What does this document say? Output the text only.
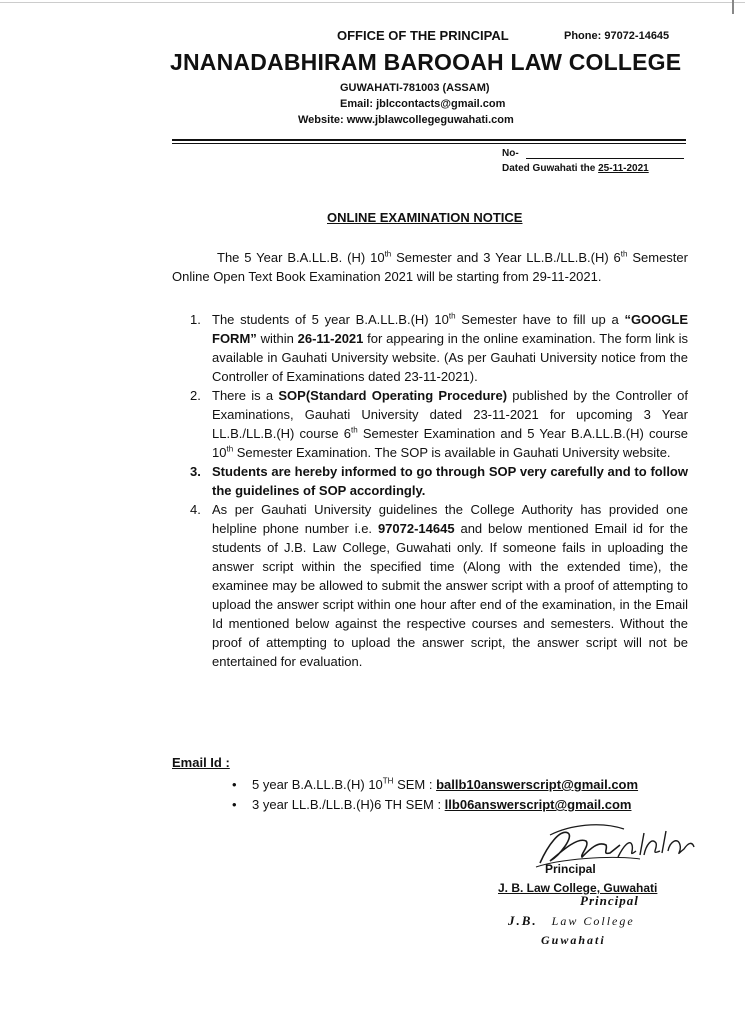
OFFICE OF THE PRINCIPAL	Phone: 97072-14645
JNANADABHIRAM BAROOAH LAW COLLEGE
GUWAHATI-781003 (ASSAM)
Email: jblccontacts@gmail.com
Website: www.jblawcollegeguwahati.com
No-
Dated Guwahati the 25-11-2021
ONLINE EXAMINATION NOTICE
The 5 Year B.A.LL.B. (H) 10th Semester and 3 Year LL.B./LL.B.(H) 6th Semester Online Open Text Book Examination 2021 will be starting from 29-11-2021.
1. The students of 5 year B.A.LL.B.(H) 10th Semester have to fill up a “GOOGLE FORM” within 26-11-2021 for appearing in the online examination. The form link is available in Gauhati University website. (As per Gauhati University notice from the Controller of Examinations dated 23-11-2021).
2. There is a SOP(Standard Operating Procedure) published by the Controller of Examinations, Gauhati University dated 23-11-2021 for upcoming 3 Year LL.B./LL.B.(H) course 6th Semester Examination and 5 Year B.A.LL.B.(H) course 10th Semester Examination. The SOP is available in Gauhati University website.
3. Students are hereby informed to go through SOP very carefully and to follow the guidelines of SOP accordingly.
4. As per Gauhati University guidelines the College Authority has provided one helpline phone number i.e. 97072-14645 and below mentioned Email id for the students of J.B. Law College, Guwahati only. If someone fails in uploading the answer script within the specified time (Along with the extended time), the examinee may be allowed to submit the answer script with a proof of attempting to upload the answer script within one hour after end of the examination, in the Email Id mentioned below against the respective courses and semesters. Without the proof of attempting to upload the answer script, the answer script will not be entertained for evaluation.
Email Id :
• 5 year B.A.LL.B.(H) 10TH SEM : ballb10answerscript@gmail.com
• 3 year LL.B./LL.B.(H)6 TH SEM : llb06answerscript@gmail.com
Principal
J. B. Law College, Guwahati
Principal
J.B. Law College
Guwahati
